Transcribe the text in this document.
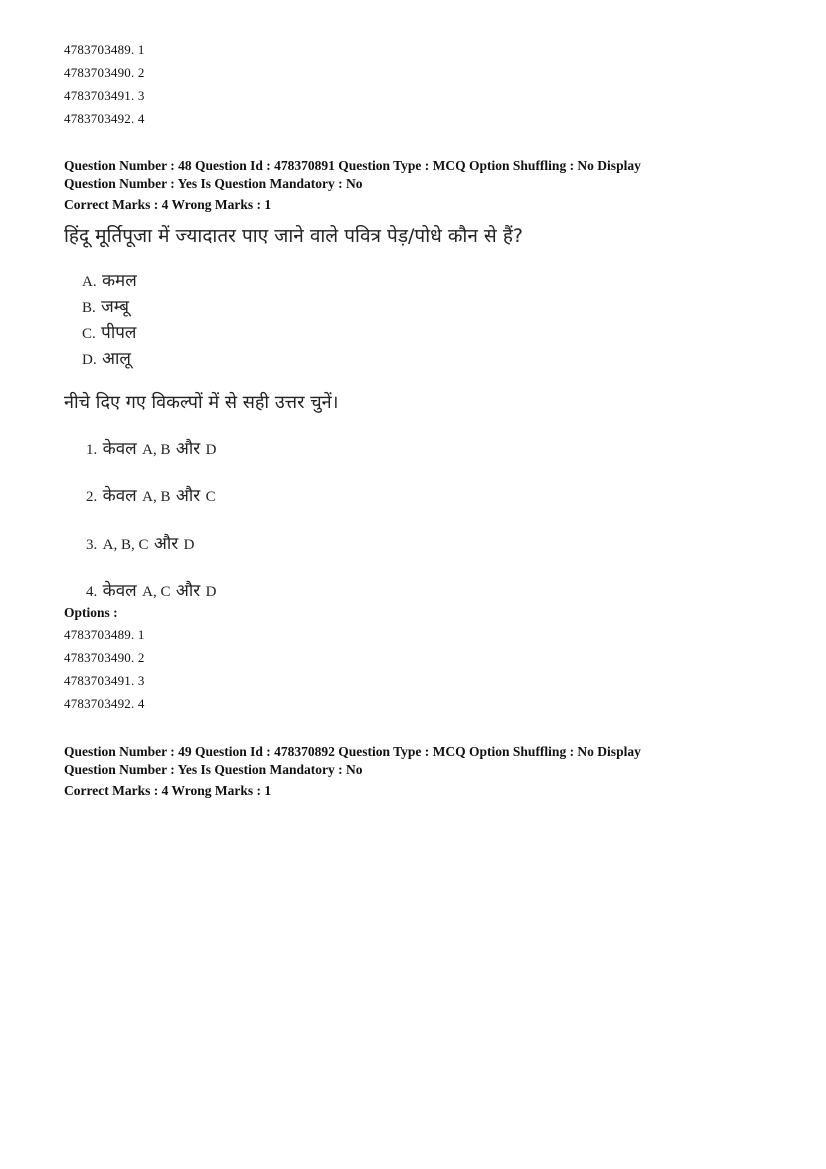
4783703489. 1
4783703490. 2
4783703491. 3
4783703492. 4
Question Number : 48 Question Id : 478370891 Question Type : MCQ Option Shuffling : No Display
Question Number : Yes Is Question Mandatory : No
Correct Marks : 4 Wrong Marks : 1
हिंदू मूर्तिपूजा में ज्यादातर पाए जाने वाले पवित्र पेड़/पोधे कौन से हैं?
A. कमल
B. जम्बू
C. पीपल
D. आलू
नीचे दिए गए विकल्पों में से सही उत्तर चुनें।
1. केवल A, B और D
2. केवल A, B और C
3. A, B, C और D
4. केवल A, C और D
Options :
4783703489. 1
4783703490. 2
4783703491. 3
4783703492. 4
Question Number : 49 Question Id : 478370892 Question Type : MCQ Option Shuffling : No Display
Question Number : Yes Is Question Mandatory : No
Correct Marks : 4 Wrong Marks : 1
